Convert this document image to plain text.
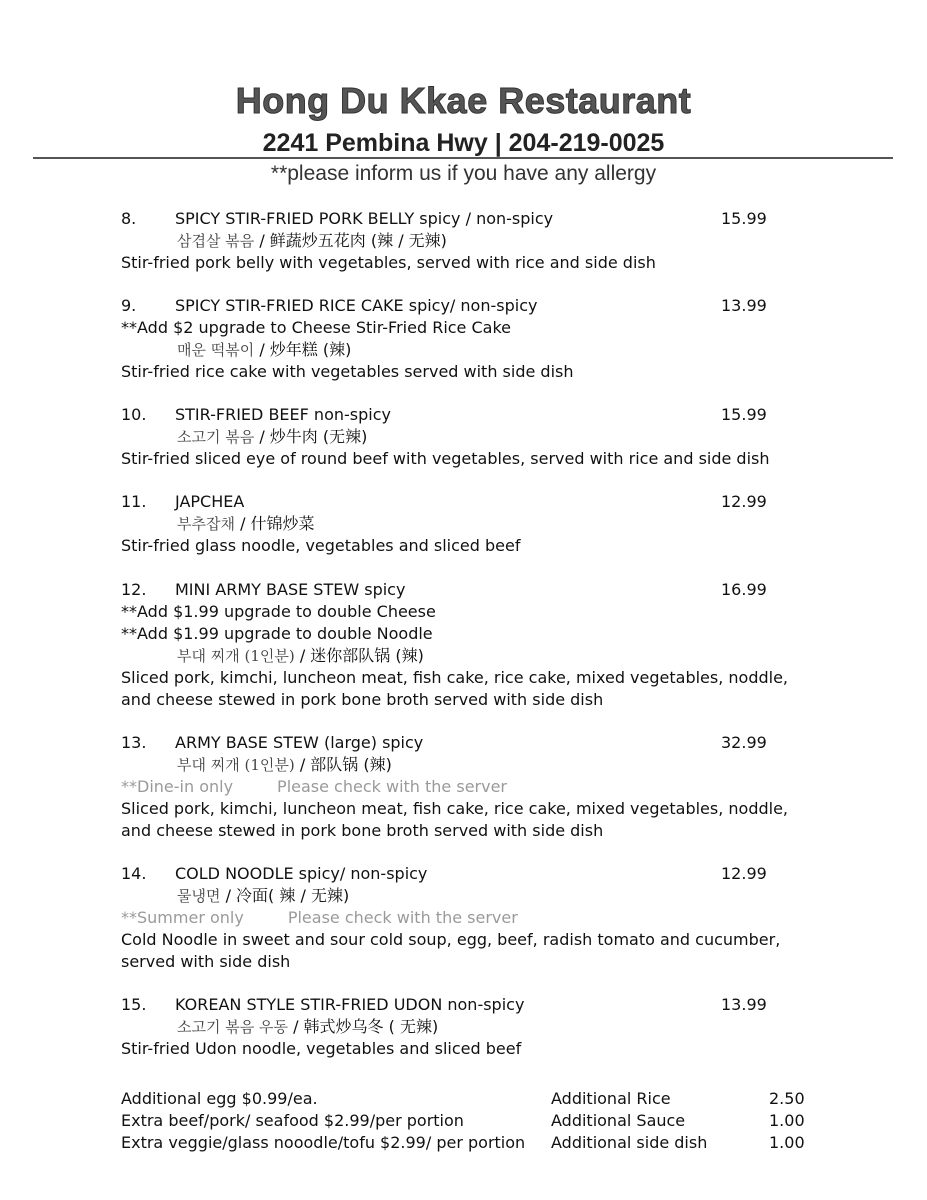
Hong Du Kkae Restaurant
2241 Pembina Hwy | 204-219-0025
**please inform us if you have any allergy
8. SPICY STIR-FRIED PORK BELLY spicy / non-spicy	15.99
삼겹살 볶음 / 鲜蔬炒五花肉 (辣 / 无辣)
Stir-fried pork belly with vegetables, served with rice and side dish
9. SPICY STIR-FRIED RICE CAKE spicy/ non-spicy	13.99
**Add $2 upgrade to Cheese Stir-Fried Rice Cake
매운 떡볶이 / 炒年糕 (辣)
Stir-fried rice cake with vegetables served with side dish
10. STIR-FRIED BEEF non-spicy	15.99
소고기 볶음 / 炒牛肉 (无辣)
Stir-fried sliced eye of round beef with vegetables, served with rice and side dish
11. JAPCHEA	12.99
부추잡채 / 什锦炒菜
Stir-fried glass noodle, vegetables and sliced beef
12. MINI ARMY BASE STEW spicy	16.99
**Add $1.99 upgrade to double Cheese
**Add $1.99 upgrade to double Noodle
부대 찌개 (1인분) / 迷你部队锅 (辣)
Sliced pork, kimchi, luncheon meat, fish cake, rice cake, mixed vegetables, noddle, and cheese stewed in pork bone broth served with side dish
13. ARMY BASE STEW (large) spicy	32.99
부대 찌개 (1인분) / 部队锅 (辣)
**Dine-in only	Please check with the server
Sliced pork, kimchi, luncheon meat, fish cake, rice cake, mixed vegetables, noddle, and cheese stewed in pork bone broth served with side dish
14. COLD NOODLE spicy/ non-spicy	12.99
물냉면 / 冷面( 辣 / 无辣)
**Summer only	Please check with the server
Cold Noodle in sweet and sour cold soup, egg, beef, radish tomato and cucumber, served with side dish
15. KOREAN STYLE STIR-FRIED UDON non-spicy	13.99
소고기 볶음 우동 / 韩式炒乌冬 ( 无辣)
Stir-fried Udon noodle, vegetables and sliced beef
Additional egg $0.99/ea.	Additional Rice	2.50
Extra beef/pork/ seafood $2.99/per portion	Additional Sauce	1.00
Extra veggie/glass nooodle/tofu $2.99/ per portion Additional side dish	1.00
